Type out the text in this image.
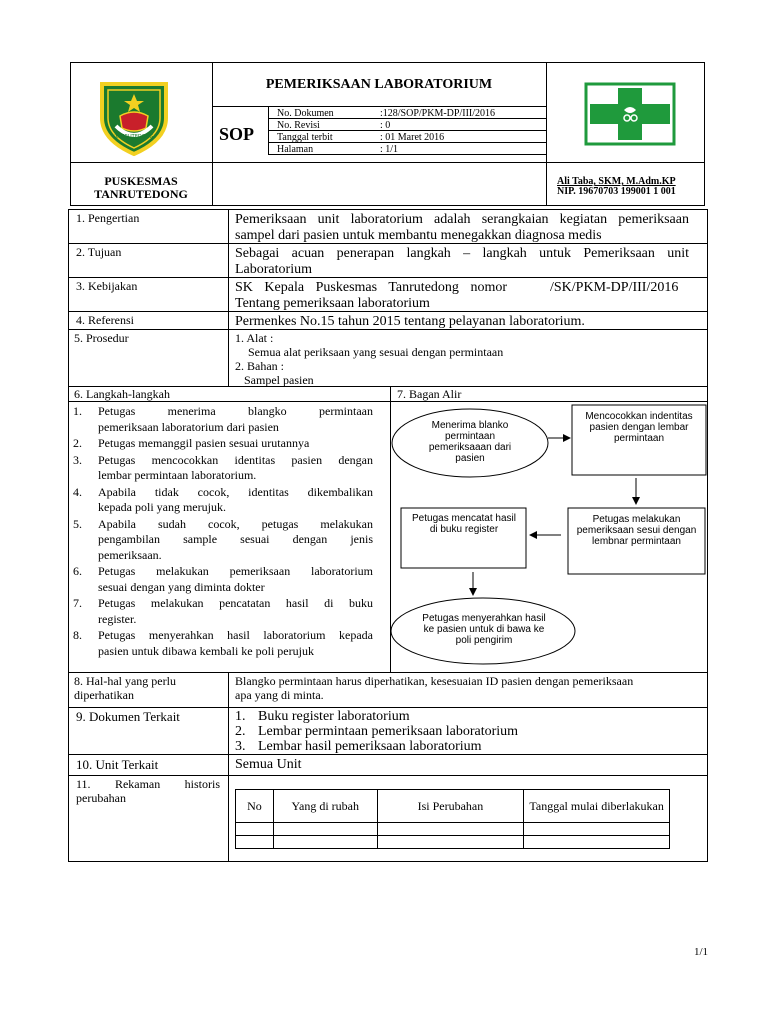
TANRUTEDONG
PEMERIKSAAN LABORATORIUM
SOP
No. Dokumen	:128/SOP/PKM-DP/III/2016
No. Revisi	: 0
Tanggal terbit	: 01 Maret 2016
Halaman	: 1/1
PUSKESMAS
TANRUTEDONG
Ali Taba, SKM, M.Adm.KP
NIP. 19670703 199001 1 001
1. Pengertian	Pemeriksaan unit laboratorium adalah serangkaian kegiatan pemeriksaan
sampel dari pasien untuk membantu menegakkan diagnosa medis
2. Tujuan	Sebagai acuan penerapan langkah – langkah untuk Pemeriksaan unit
Laboratorium
3. Kebijakan	SK Kepala Puskesmas Tanrutedong nomor	/SK/PKM-DP/III/2016
Tentang pemeriksaan laboratorium
4. Referensi	Permenkes No.15 tahun 2015 tentang pelayanan laboratorium.
5. Prosedur	1. Alat :
Semua alat periksaan yang sesuai dengan permintaan
2. Bahan :
Sampel pasien
6. Langkah-langkah
1. Petugas menerima blangko permintaan
pemeriksaan laboratorium dari pasien
2. Petugas memanggil pasien sesuai urutannya
3. Petugas mencocokkan identitas pasien dengan
lembar permintaan laboratorium.
4. Apabila tidak cocok, identitas dikembalikan
kepada poli yang merujuk.
5. Apabila sudah cocok, petugas melakukan
pengambilan sample sesuai dengan jenis
pemeriksaan.
6. Petugas melakukan pemeriksaan laboratorium
sesuai dengan yang diminta dokter
7. Petugas melakukan pencatatan hasil di buku
register.
8. Petugas menyerahkan hasil laboratorium kepada
pasien untuk dibawa kembali ke poli perujuk
7. Bagan Alir
Menerima blanko permintaan pemeriksaaan dari pasien
Mencocokkan indentitas pasien dengan lembar permintaan
Petugas mencatat hasil di buku register
Petugas melakukan pemeriksaan sesui dengan lembnar permintaan
Petugas menyerahkan hasil ke pasien untuk di bawa ke poli pengirim
8. Hal-hal yang perlu
diperhatikan
Blangko permintaan harus diperhatikan, kesesuaian ID pasien dengan pemeriksaan
apa yang di minta.
9. Dokumen Terkait	1. Buku register laboratorium
2. Lembar permintaan pemeriksaan laboratorium
3. Lembar hasil pemeriksaan laboratorium
10. Unit Terkait	Semua Unit
11. Rekaman historis
perubahan
No	Yang di rubah	Isi Perubahan	Tanggal mulai diberlakukan

1/1
